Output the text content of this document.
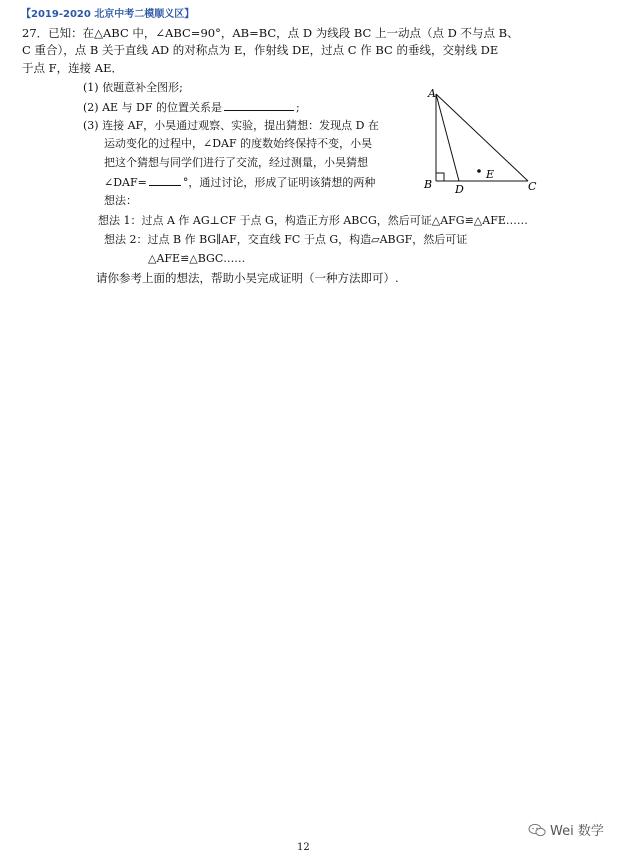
【2019-2020 北京中考二模顺义区】
27．已知：在△ABC 中，∠ABC=90°，AB=BC，点 D 为线段 BC 上一动点（点 D 不与点 B、
C 重合），点 B 关于直线 AD 的对称点为 E，作射线 DE，过点 C 作 BC 的垂线，交射线 DE
于点 F，连接 AE．
(1) 依题意补全图形;
(2) AE 与 DF 的位置关系是	;
(3) 连接 AF，小昊通过观察、实验，提出猜想：发现点 D 在
运动变化的过程中，∠DAF 的度数始终保持不变，小昊
把这个猜想与同学们进行了交流，经过测量，小昊猜想
∠DAF=	°，通过讨论，形成了证明该猜想的两种
想法：
想法 1：过点 A 作 AG⊥CF 于点 G，构造正方形 ABCG，然后可证△AFG≌△AFE……
想法 2：过点 B 作 BG∥AF，交直线 FC 于点 G，构造▱ABGF，然后可证
△AFE≌△BGC……
请你参考上面的想法，帮助小昊完成证明（一种方法即可）.
A
B D
E
C
Wei 数学
12
